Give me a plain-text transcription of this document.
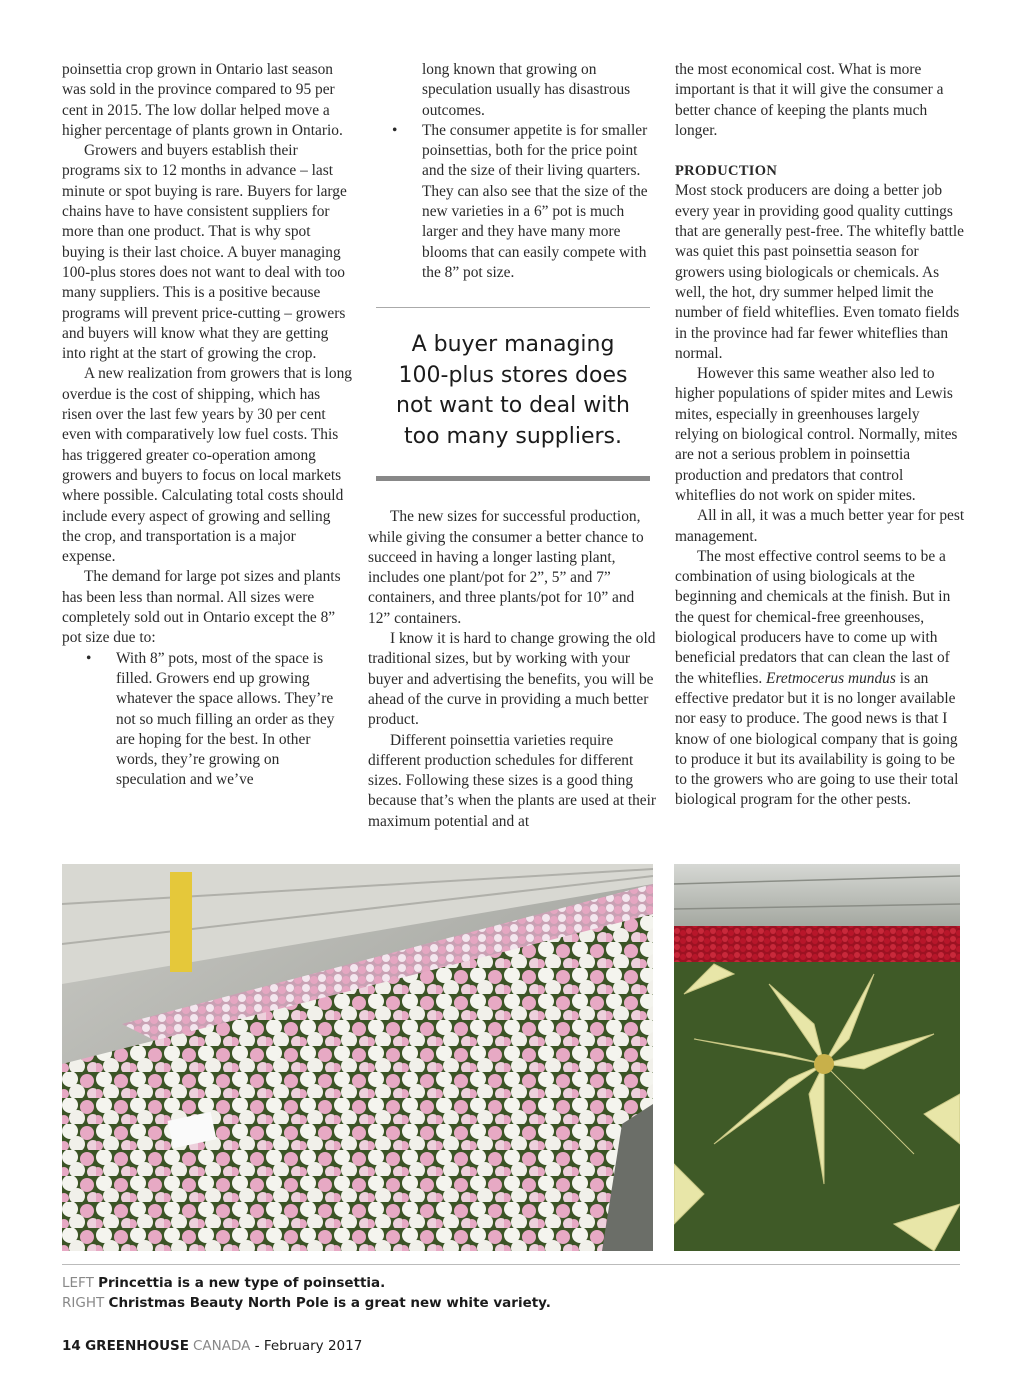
poinsettia crop grown in Ontario last season was sold in the province compared to 95 per cent in 2015. The low dollar helped move a higher percentage of plants grown in Ontario.

Growers and buyers establish their programs six to 12 months in advance – last minute or spot buying is rare. Buyers for large chains have to have consistent suppliers for more than one product. That is why spot buying is their last choice. A buyer managing 100-plus stores does not want to deal with too many suppliers. This is a positive because programs will prevent price-cutting – growers and buyers will know what they are getting into right at the start of growing the crop.

A new realization from growers that is long overdue is the cost of shipping, which has risen over the last few years by 30 per cent even with comparatively low fuel costs. This has triggered greater co-operation among growers and buyers to focus on local markets where possible. Calculating total costs should include every aspect of growing and selling the crop, and transportation is a major expense.

The demand for large pot sizes and plants has been less than normal. All sizes were completely sold out in Ontario except the 8” pot size due to:

• With 8” pots, most of the space is filled. Growers end up growing whatever the space allows. They’re not so much filling an order as they are hoping for the best. In other words, they’re growing on speculation and we’ve

long known that growing on speculation usually has disastrous outcomes.

• The consumer appetite is for smaller poinsettias, both for the price point and the size of their living quarters. They can also see that the size of the new varieties in a 6” pot is much larger and they have many more blooms that can easily compete with the 8” pot size.
A buyer managing 100-plus stores does not want to deal with too many suppliers.

The new sizes for successful production, while giving the consumer a better chance to succeed in having a longer lasting plant, includes one plant/pot for 2”, 5” and 7” containers, and three plants/pot for 10” and 12” containers.

I know it is hard to change growing the old traditional sizes, but by working with your buyer and advertising the benefits, you will be ahead of the curve in providing a much better product.

Different poinsettia varieties require different production schedules for different sizes. Following these sizes is a good thing because that’s when the plants are used at their maximum potential and at

the most economical cost. What is more important is that it will give the consumer a better chance of keeping the plants much longer.

PRODUCTION

Most stock producers are doing a better job every year in providing good quality cuttings that are generally pest-free. The whitefly battle was quiet this past poinsettia season for growers using biologicals or chemicals. As well, the hot, dry summer helped limit the number of field whiteflies. Even tomato fields in the province had far fewer whiteflies than normal.

However this same weather also led to higher populations of spider mites and Lewis mites, especially in greenhouses largely relying on biological control. Normally, mites are not a serious problem in poinsettia production and predators that control whiteflies do not work on spider mites.

All in all, it was a much better year for pest management.

The most effective control seems to be a combination of using biologicals at the beginning and chemicals at the finish. But in the quest for chemical-free greenhouses, biological producers have to come up with beneficial predators that can clean the last of the whiteflies. Eretmocerus mundus is an effective predator but it is no longer available nor easy to produce. The good news is that I know of one biological company that is going to produce it but its availability is going to be to the growers who are going to use their total biological program for the other pests.

LEFT Princettia is a new type of poinsettia.
RIGHT Christmas Beauty North Pole is a great new white variety.
14 GREENHOUSE CANADA - February 2017
